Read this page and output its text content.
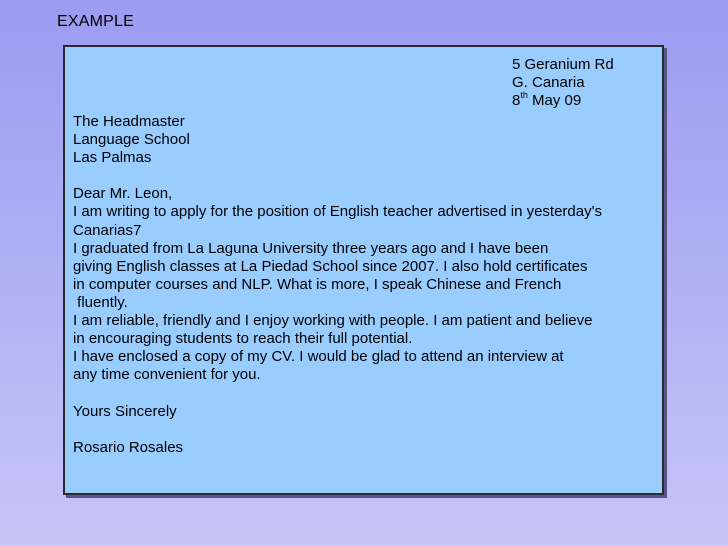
EXAMPLE
5 Geranium Rd
G. Canaria
8th May 09
The Headmaster
Language School
Las Palmas
Dear Mr. Leon,
I am writing to apply for the position of English teacher advertised in yesterday's
Canarias7
I graduated from La Laguna University three years ago and I have been
giving English classes at La Piedad School since 2007. I also hold certificates
in computer courses and NLP. What is more, I speak Chinese and French
fluently.
I am reliable, friendly and I enjoy working with people. I am patient and believe
in encouraging students to reach their full potential.
I have enclosed a copy of my CV. I would be glad to attend an interview at
any time convenient for you.
Yours Sincerely
Rosario Rosales
